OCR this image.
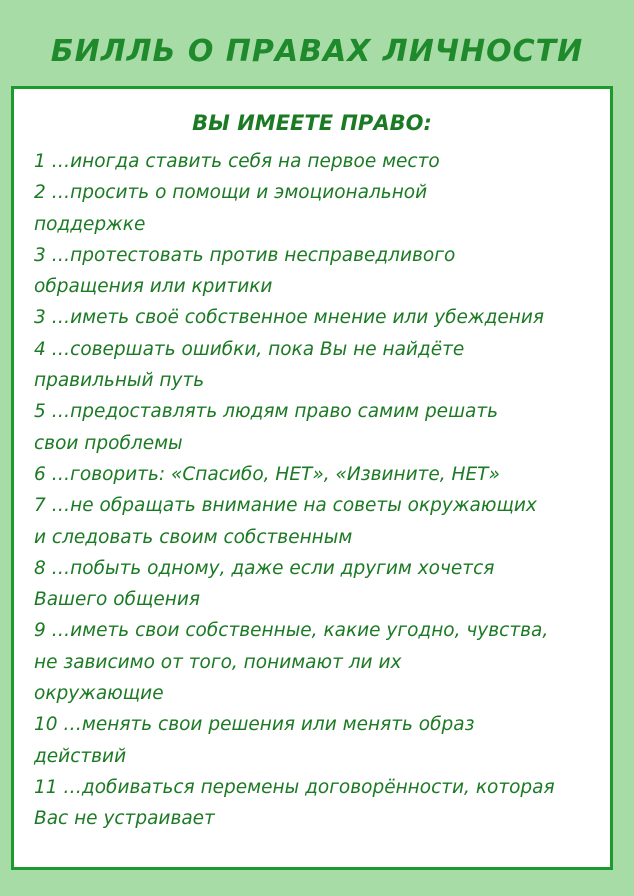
БИЛЛЬ О ПРАВАХ ЛИЧНОСТИ
ВЫ ИМЕЕТЕ ПРАВО:
1 …иногда ставить себя на первое место
2 …просить о помощи и эмоциональной
поддержке
3 …протестовать против несправедливого
обращения или критики
3 …иметь своё собственное мнение или убеждения
4 …совершать ошибки, пока Вы не найдёте
правильный путь
5 …предоставлять людям право самим решать
свои проблемы
6 …говорить: «Спасибо, НЕТ», «Извините, НЕТ»
7 …не обращать внимание на советы окружающих
и следовать своим собственным
8 …побыть одному, даже если другим хочется
Вашего общения
9 …иметь свои собственные, какие угодно, чувства,
не зависимо от того, понимают ли их
окружающие
10 …менять свои решения или менять образ
действий
11 …добиваться перемены договорённости, которая
Вас не устраивает
